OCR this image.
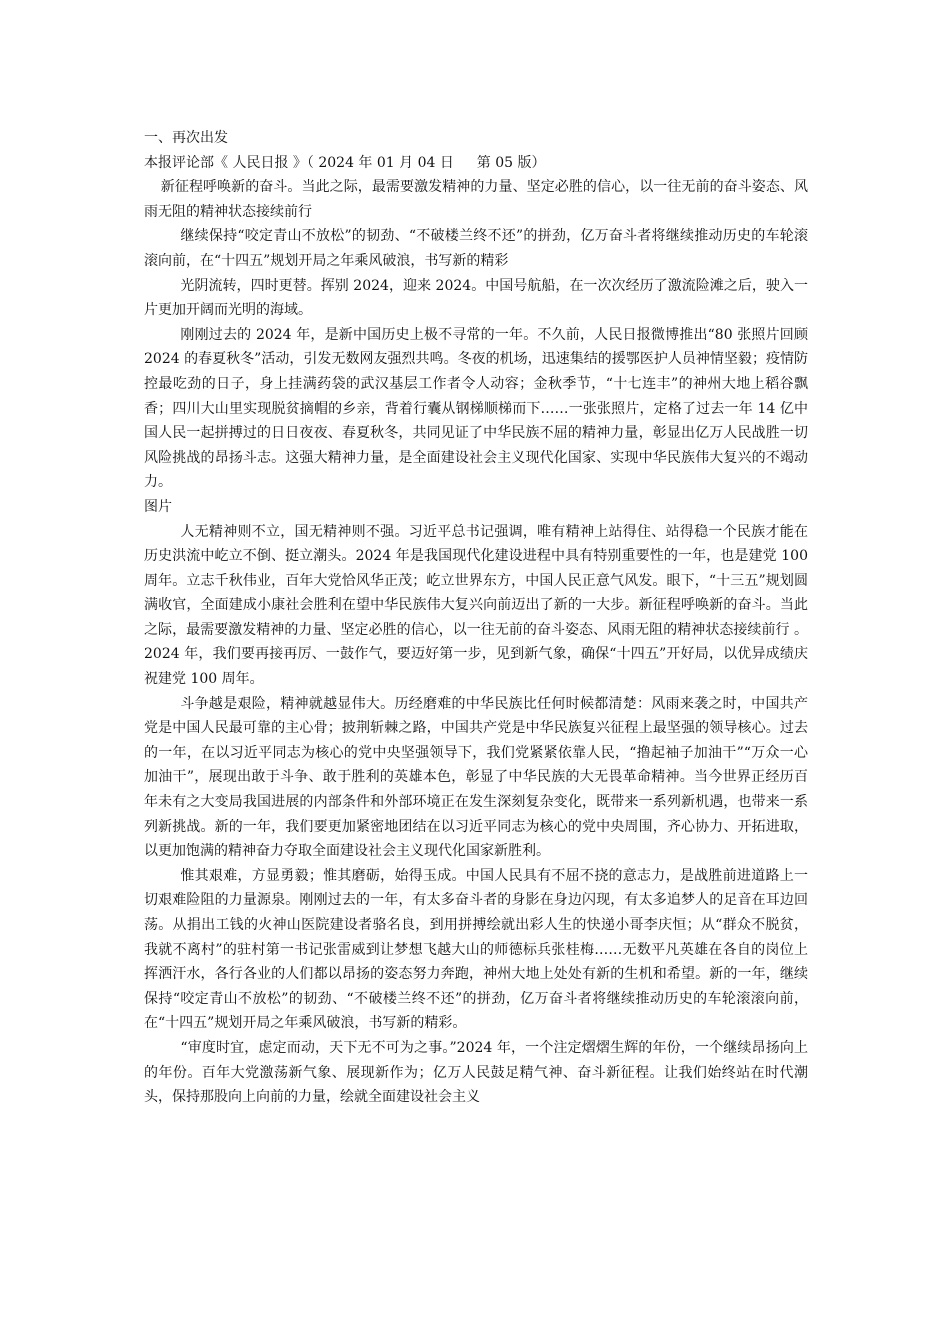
一、再次出发

本报评论部《 人民日报 》（ 2024 年 01 月 04 日 　 第 05 版）

新征程呼唤新的奋斗。当此之际，最需要激发精神的力量、坚定必胜的信心，以一往无前的奋斗姿态、风雨无阻的精神状态接续前行

继续保持“咬定青山不放松”的韧劲、“不破楼兰终不还”的拼劲，亿万奋斗者将继续推动历史的车轮滚滚向前，在“十四五”规划开局之年乘风破浪，书写新的精彩

光阴流转，四时更替。挥别 2024，迎来 2024。中国号航船，在一次次经历了激流险滩之后，驶入一片更加开阔而光明的海域。

刚刚过去的 2024 年，是新中国历史上极不寻常的一年。不久前，人民日报微博推出“80 张照片回顾 2024 的春夏秋冬”活动，引发无数网友强烈共鸣。冬夜的机场，迅速集结的援鄂医护人员神情坚毅；疫情防控最吃劲的日子，身上挂满药袋的武汉基层工作者令人动容；金秋季节，“十七连丰”的神州大地上稻谷飘香；四川大山里实现脱贫摘帽的乡亲，背着行囊从钢梯顺梯而下……一张张照片，定格了过去一年 14 亿中国人民一起拼搏过的日日夜夜、春夏秋冬，共同见证了中华民族不屈的精神力量，彰显出亿万人民战胜一切风险挑战的昂扬斗志。这强大精神力量，是全面建设社会主义现代化国家、实现中华民族伟大复兴的不竭动力。

图片

人无精神则不立，国无精神则不强。习近平总书记强调，唯有精神上站得住、站得稳一个民族才能在历史洪流中屹立不倒、挺立潮头。2024 年是我国现代化建设进程中具有特别重要性的一年，也是建党 100 周年。立志千秋伟业，百年大党恰风华正茂；屹立世界东方，中国人民正意气风发。眼下，“十三五”规划圆满收官，全面建成小康社会胜利在望中华民族伟大复兴向前迈出了新的一大步。新征程呼唤新的奋斗。当此之际，最需要激发精神的力量、坚定必胜的信心，以一往无前的奋斗姿态、风雨无阻的精神状态接续前行 。2024 年，我们要再接再厉、一鼓作气，要迈好第一步，见到新气象，确保“十四五”开好局，以优异成绩庆祝建党 100 周年。

斗争越是艰险，精神就越显伟大。历经磨难的中华民族比任何时候都清楚：风雨来袭之时，中国共产党是中国人民最可靠的主心骨；披荆斩棘之路，中国共产党是中华民族复兴征程上最坚强的领导核心。过去的一年，在以习近平同志为核心的党中央坚强领导下，我们党紧紧依靠人民，“撸起袖子加油干”“万众一心加油干”，展现出敢于斗争、敢于胜利的英雄本色，彰显了中华民族的大无畏革命精神。当今世界正经历百年未有之大变局我国进展的内部条件和外部环境正在发生深刻复杂变化，既带来一系列新机遇，也带来一系列新挑战。新的一年，我们要更加紧密地团结在以习近平同志为核心的党中央周围，齐心协力、开拓进取，以更加饱满的精神奋力夺取全面建设社会主义现代化国家新胜利。

惟其艰难，方显勇毅；惟其磨砺，始得玉成。中国人民具有不屈不挠的意志力，是战胜前进道路上一切艰难险阻的力量源泉。刚刚过去的一年，有太多奋斗者的身影在身边闪现，有太多追梦人的足音在耳边回荡。从捐出工钱的火神山医院建设者骆名良，到用拼搏绘就出彩人生的快递小哥李庆恒；从“群众不脱贫，我就不离村”的驻村第一书记张雷威到让梦想飞越大山的师德标兵张桂梅……无数平凡英雄在各自的岗位上挥洒汗水，各行各业的人们都以昂扬的姿态努力奔跑，神州大地上处处有新的生机和希望。新的一年，继续保持“咬定青山不放松”的韧劲、“不破楼兰终不还”的拼劲，亿万奋斗者将继续推动历史的车轮滚滚向前，在“十四五”规划开局之年乘风破浪，书写新的精彩。

“审度时宜，虑定而动，天下无不可为之事。”2024 年，一个注定熠熠生辉的年份，一个继续昂扬向上的年份。百年大党激荡新气象、展现新作为；亿万人民鼓足精气神、奋斗新征程。让我们始终站在时代潮头，保持那股向上向前的力量，绘就全面建设社会主义
